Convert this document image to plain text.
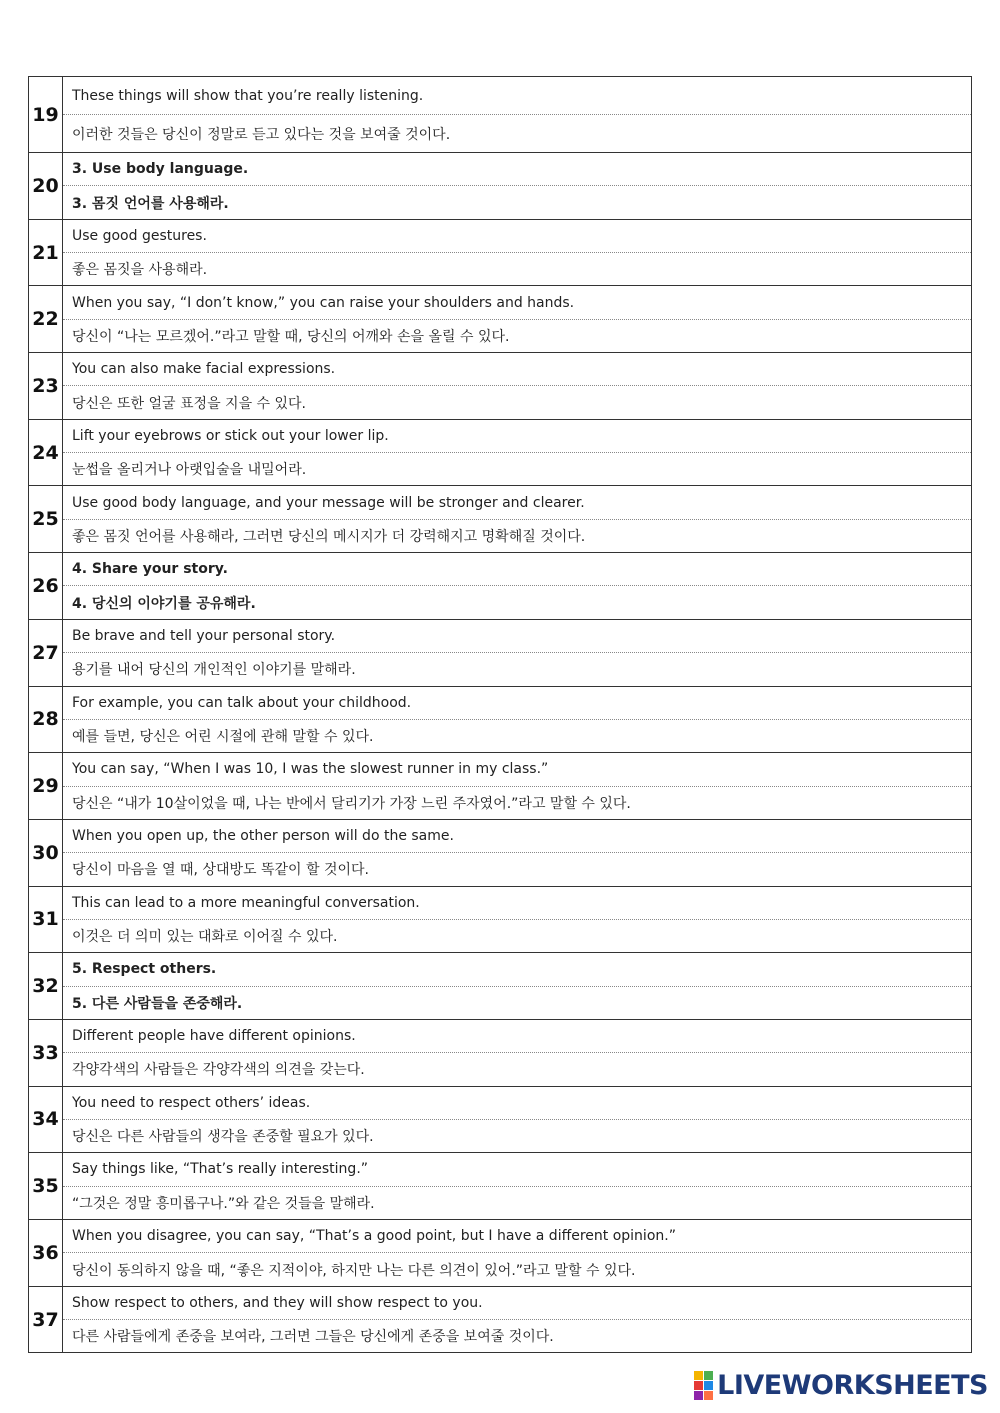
19	These things will show that you’re really listening.
이러한 것들은 당신이 정말로 듣고 있다는 것을 보여줄 것이다.

20	3. Use body language.
3. 몸짓 언어를 사용해라.

21	Use good gestures.
좋은 몸짓을 사용해라.

22	When you say, “I don’t know,” you can raise your shoulders and hands.
당신이 “나는 모르겠어.”라고 말할 때, 당신의 어깨와 손을 올릴 수 있다.

23	You can also make facial expressions.
당신은 또한 얼굴 표정을 지을 수 있다.

24	Lift your eyebrows or stick out your lower lip.
눈썹을 올리거나 아랫입술을 내밀어라.

25	Use good body language, and your message will be stronger and clearer.
좋은 몸짓 언어를 사용해라, 그러면 당신의 메시지가 더 강력해지고 명확해질 것이다.

26	4. Share your story.
4. 당신의 이야기를 공유해라.

27	Be brave and tell your personal story.
용기를 내어 당신의 개인적인 이야기를 말해라.

28	For example, you can talk about your childhood.
예를 들면, 당신은 어린 시절에 관해 말할 수 있다.

29	You can say, “When I was 10, I was the slowest runner in my class.”
당신은 “내가 10살이었을 때, 나는 반에서 달리기가 가장 느린 주자였어.”라고 말할 수 있다.

30	When you open up, the other person will do the same.
당신이 마음을 열 때, 상대방도 똑같이 할 것이다.

31	This can lead to a more meaningful conversation.
이것은 더 의미 있는 대화로 이어질 수 있다.

32	5. Respect others.
5. 다른 사람들을 존중해라.

33	Different people have different opinions.
각양각색의 사람들은 각양각색의 의견을 갖는다.

34	You need to respect others’ ideas.
당신은 다른 사람들의 생각을 존중할 필요가 있다.

35	Say things like, “That’s really interesting.”
“그것은 정말 흥미롭구나.”와 같은 것들을 말해라.

36	When you disagree, you can say, “That’s a good point, but I have a different opinion.”
당신이 동의하지 않을 때, “좋은 지적이야, 하지만 나는 다른 의견이 있어.”라고 말할 수 있다.

37	Show respect to others, and they will show respect to you.
다른 사람들에게 존중을 보여라, 그러면 그들은 당신에게 존중을 보여줄 것이다.
LIVEWORKSHEETS
